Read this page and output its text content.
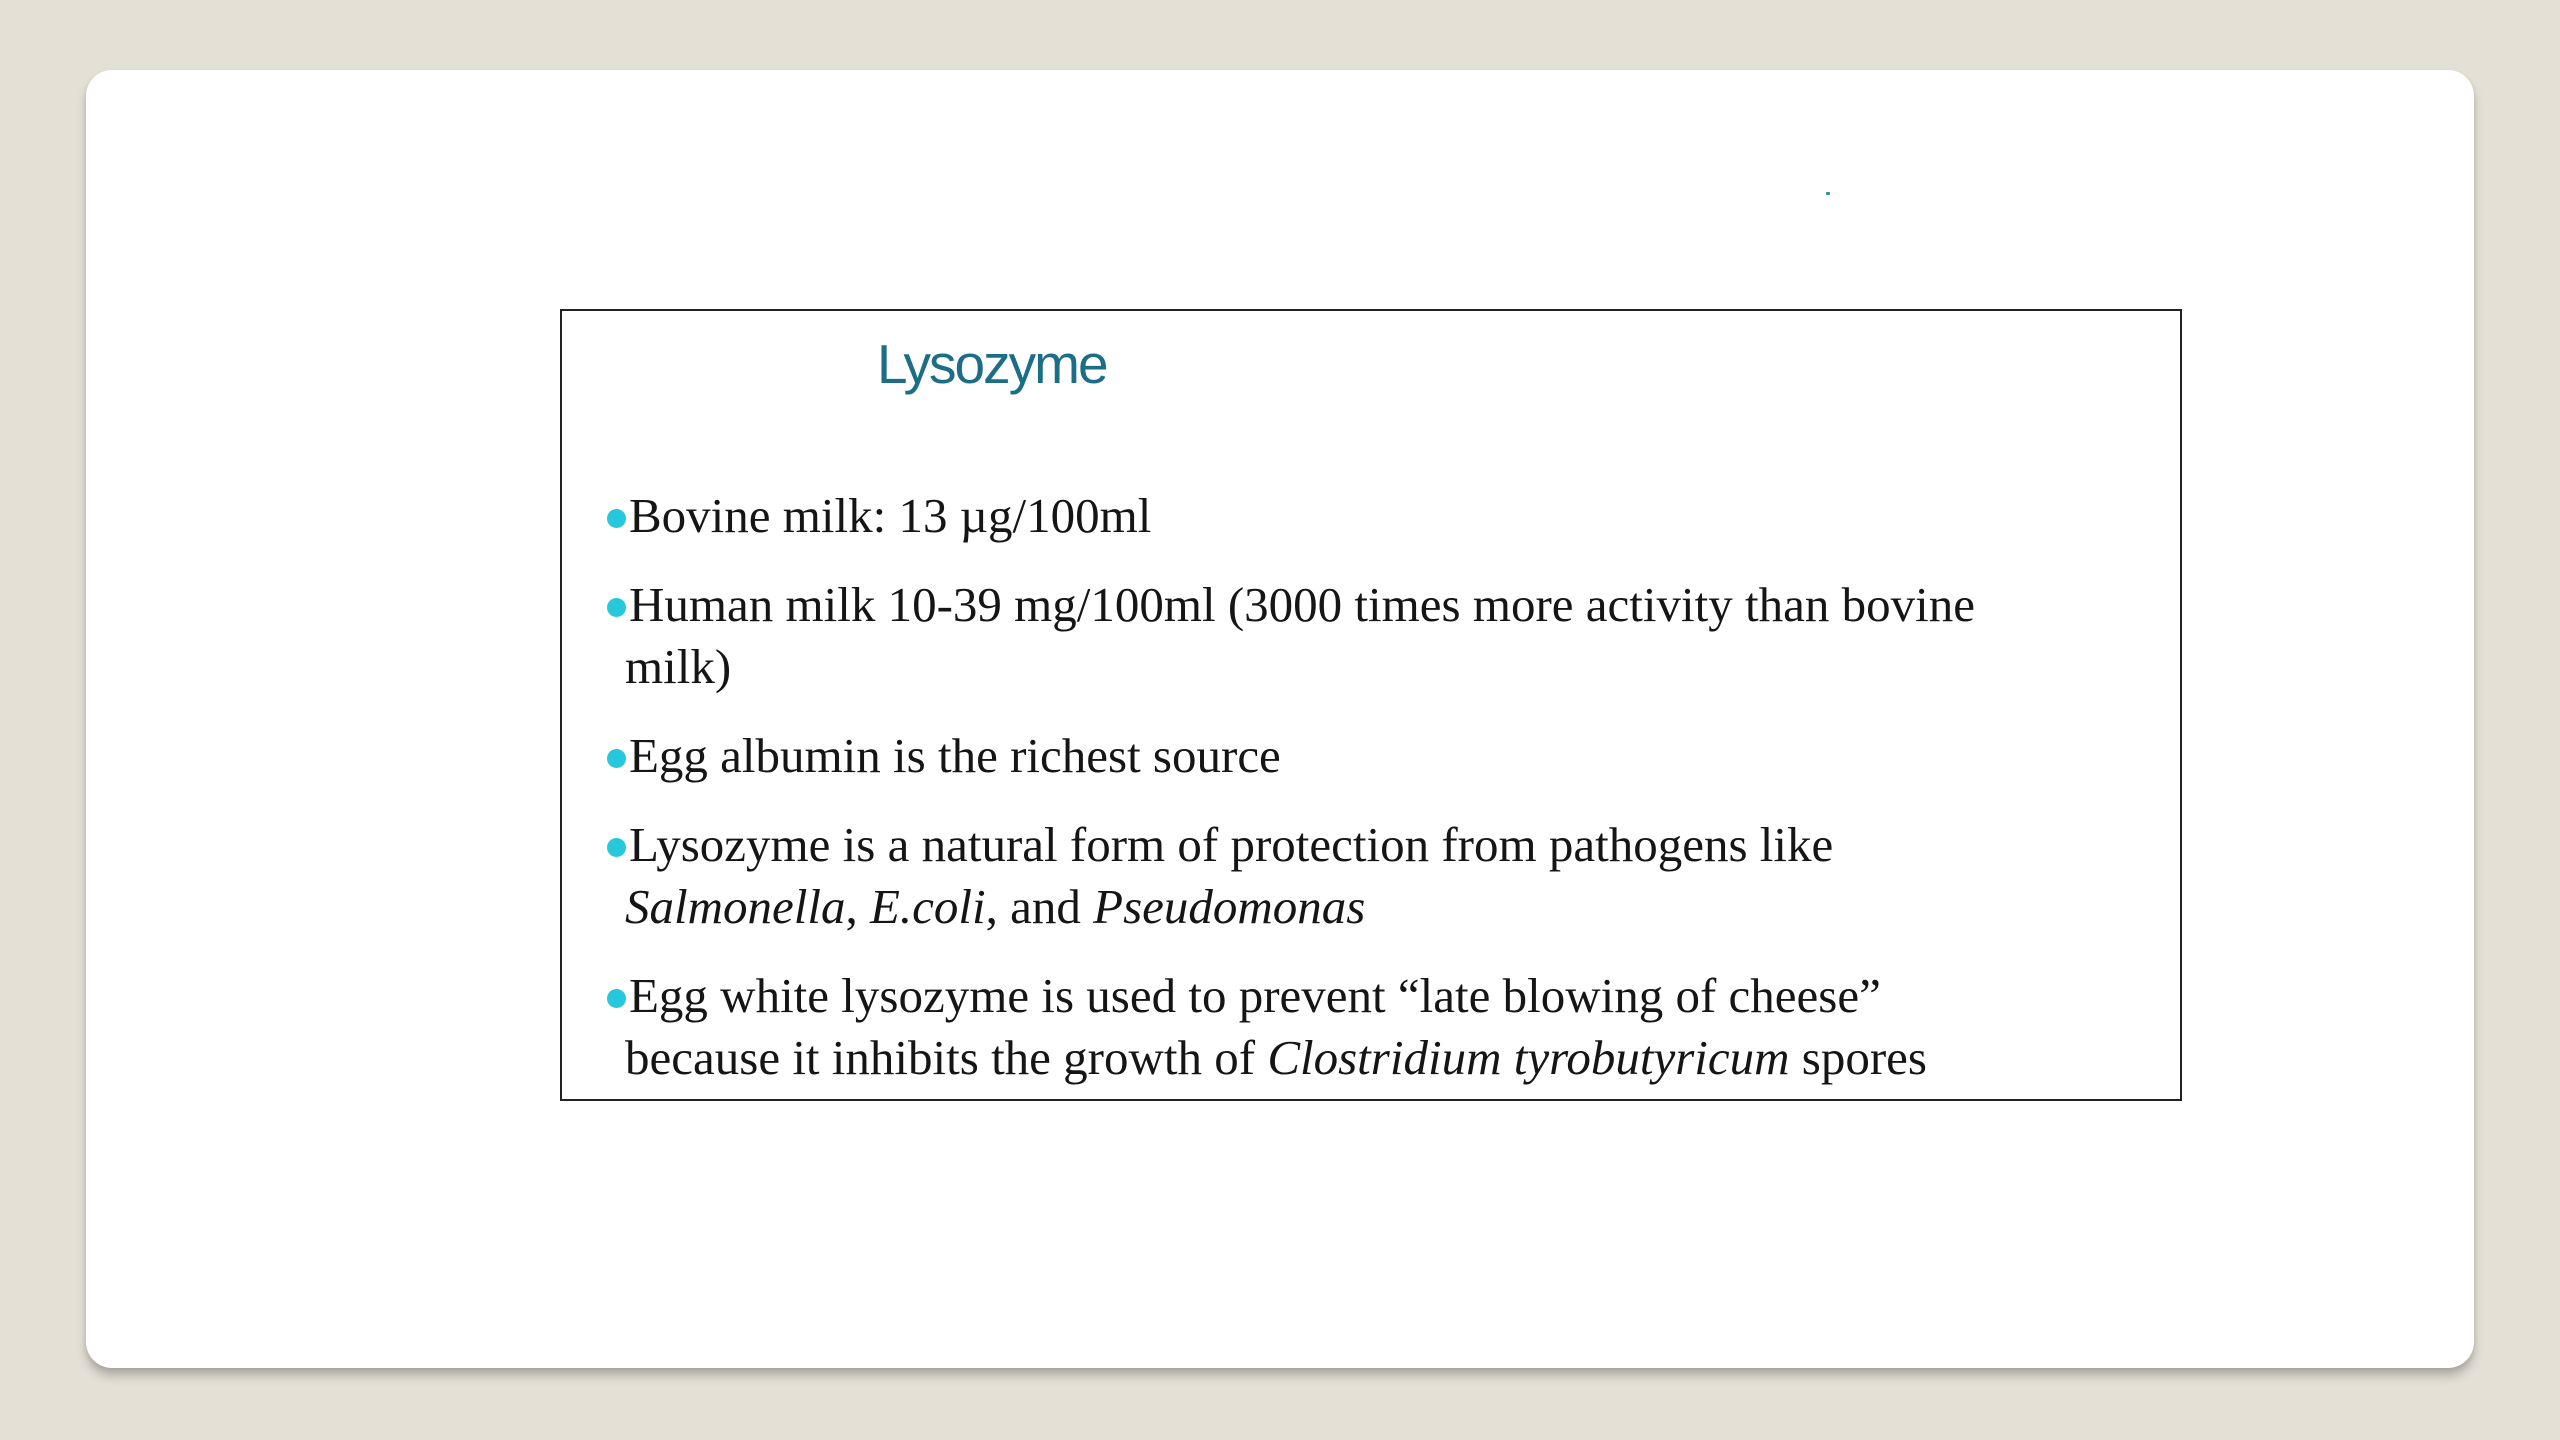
Lysozyme
Bovine milk: 13 µg/100ml
Human milk 10-39 mg/100ml (3000 times more activity than bovine
milk)
Egg albumin is the richest source
Lysozyme is a natural form of protection from pathogens like
Salmonella, E.coli, and Pseudomonas
Egg white lysozyme is used to prevent “late blowing of cheese”
because it inhibits the growth of Clostridium tyrobutyricum spores
